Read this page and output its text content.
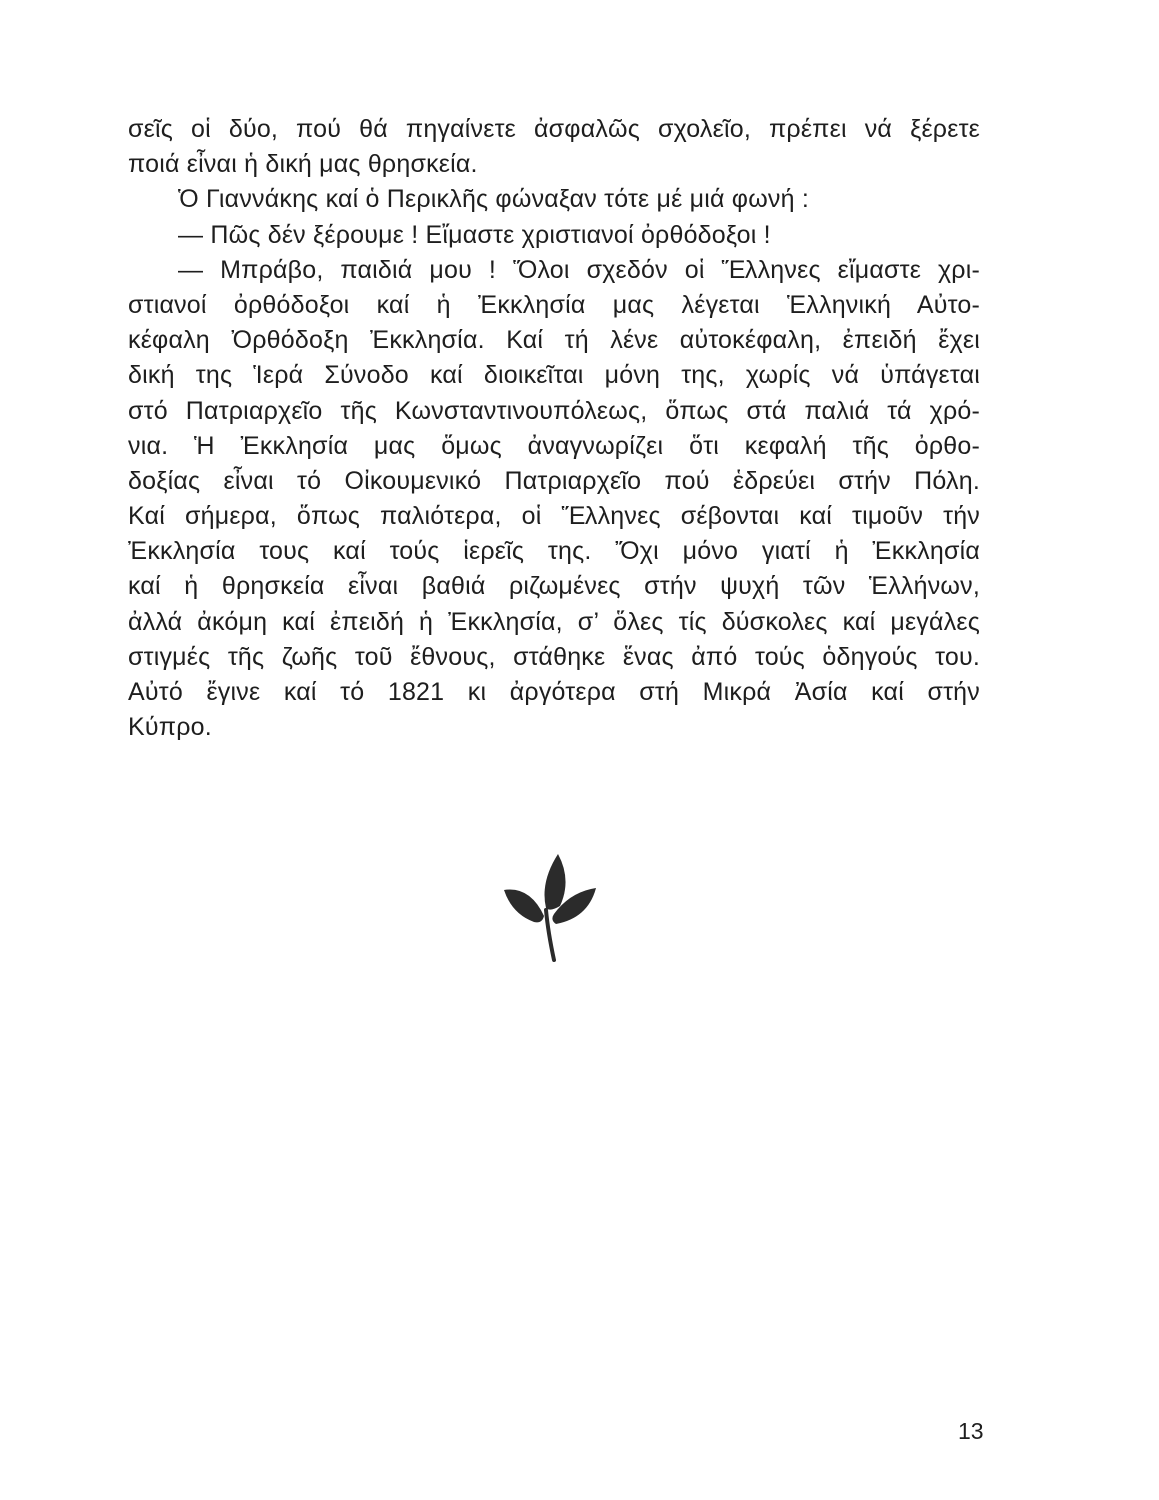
σεῖς οἱ δύο, πού θά πηγαίνετε ἀσφαλῶς σχολεῖο, πρέπει νά ξέρετε
ποιά εἶναι ἡ δική μας θρησκεία.
Ὁ Γιαννάκης καί ὁ Περικλῆς φώναξαν τότε μέ μιά φωνή :
— Πῶς δέν ξέρουμε ! Εἴμαστε χριστιανοί ὀρθόδοξοι !
— Μπράβο, παιδιά μου ! Ὅλοι σχεδόν οἱ Ἕλληνες εἴμαστε χρι-
στιανοί ὀρθόδοξοι καί ἡ Ἐκκλησία μας λέγεται Ἑλληνική Αὐτο-
κέφαλη Ὀρθόδοξη Ἐκκλησία. Καί τή λένε αὐτοκέφαλη, ἐπειδή ἔχει
δική της Ἱερά Σύνοδο καί διοικεῖται μόνη της, χωρίς νά ὑπάγεται
στό Πατριαρχεῖο τῆς Κωνσταντινουπόλεως, ὅπως στά παλιά τά χρό-
νια. Ἡ Ἐκκλησία μας ὅμως ἀναγνωρίζει ὅτι κεφαλή τῆς ὀρθο-
δοξίας εἶναι τό Οἰκουμενικό Πατριαρχεῖο πού ἑδρεύει στήν Πόλη.
Καί σήμερα, ὅπως παλιότερα, οἱ Ἕλληνες σέβονται καί τιμοῦν τήν
Ἐκκλησία τους καί τούς ἱερεῖς της. Ὄχι μόνο γιατί ἡ Ἐκκλησία
καί ἡ θρησκεία εἶναι βαθιά ριζωμένες στήν ψυχή τῶν Ἑλλήνων,
ἀλλά ἀκόμη καί ἐπειδή ἡ Ἐκκλησία, σ’ ὅλες τίς δύσκολες καί μεγάλες
στιγμές τῆς ζωῆς τοῦ ἔθνους, στάθηκε ἕνας ἀπό τούς ὁδηγούς του.
Αὐτό ἔγινε καί τό 1821 κι ἀργότερα στή Μικρά Ἀσία καί στήν
Κύπρο.
13
